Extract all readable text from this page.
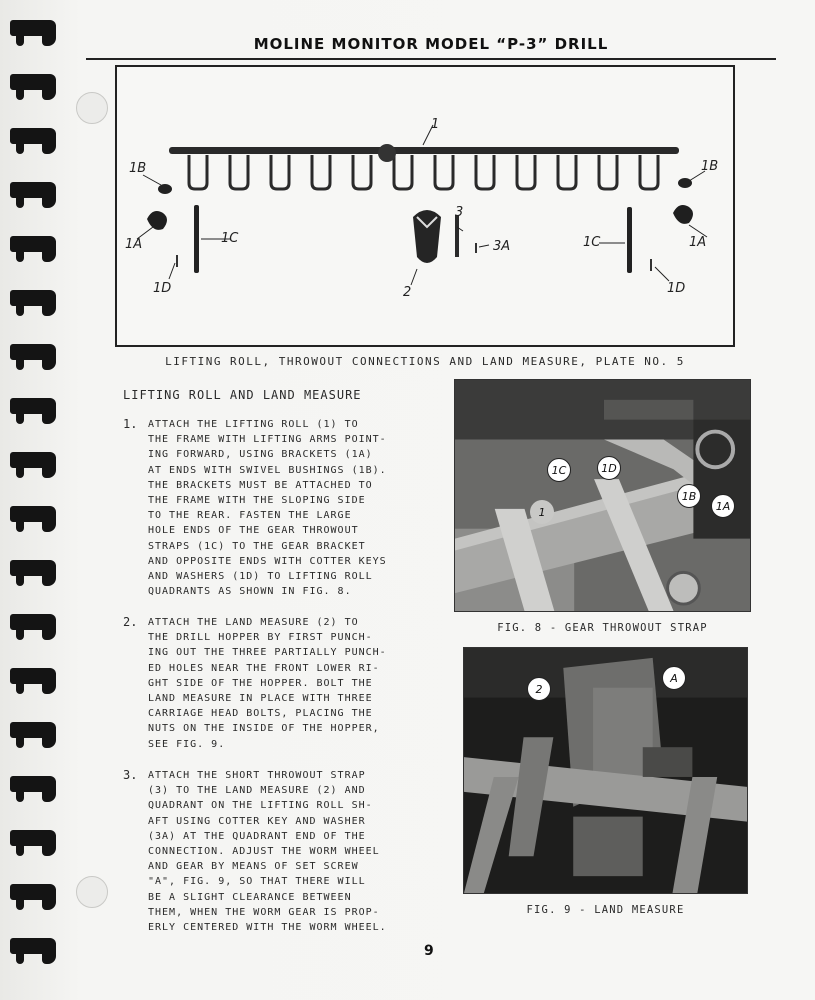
MOLINE MONITOR MODEL “P-3” DRILL
1
1B	1B
1A	1A
1C	1C
1D	1D
2
3
3A
LIFTING ROLL, THROWOUT CONNECTIONS AND LAND MEASURE, PLATE NO. 5
LIFTING ROLL AND LAND MEASURE
1. ATTACH THE LIFTING ROLL (1) TO
THE FRAME WITH LIFTING ARMS POINT-
ING FORWARD, USING BRACKETS (1A)
AT ENDS WITH SWIVEL BUSHINGS (1B).
THE BRACKETS MUST BE ATTACHED TO
THE FRAME WITH THE SLOPING SIDE
TO THE REAR. FASTEN THE LARGE
HOLE ENDS OF THE GEAR THROWOUT
STRAPS (1C) TO THE GEAR BRACKET
AND OPPOSITE ENDS WITH COTTER KEYS
AND WASHERS (1D) TO LIFTING ROLL
QUADRANTS AS SHOWN IN FIG. 8.
2. ATTACH THE LAND MEASURE (2) TO
THE DRILL HOPPER BY FIRST PUNCH-
ING OUT THE THREE PARTIALLY PUNCH-
ED HOLES NEAR THE FRONT LOWER RI-
GHT SIDE OF THE HOPPER. BOLT THE
LAND MEASURE IN PLACE WITH THREE
CARRIAGE HEAD BOLTS, PLACING THE
NUTS ON THE INSIDE OF THE HOPPER,
SEE FIG. 9.
3. ATTACH THE SHORT THROWOUT STRAP
(3) TO THE LAND MEASURE (2) AND
QUADRANT ON THE LIFTING ROLL SH-
AFT USING COTTER KEY AND WASHER
(3A) AT THE QUADRANT END OF THE
CONNECTION. ADJUST THE WORM WHEEL
AND GEAR BY MEANS OF SET SCREW
"A", FIG. 9, SO THAT THERE WILL
BE A SLIGHT CLEARANCE BETWEEN
THEM, WHEN THE WORM GEAR IS PROP-
ERLY CENTERED WITH THE WORM WHEEL.
1C	1D
1
1B
1A
FIG. 8 - GEAR THROWOUT STRAP
2
A
FIG. 9 - LAND MEASURE
9
